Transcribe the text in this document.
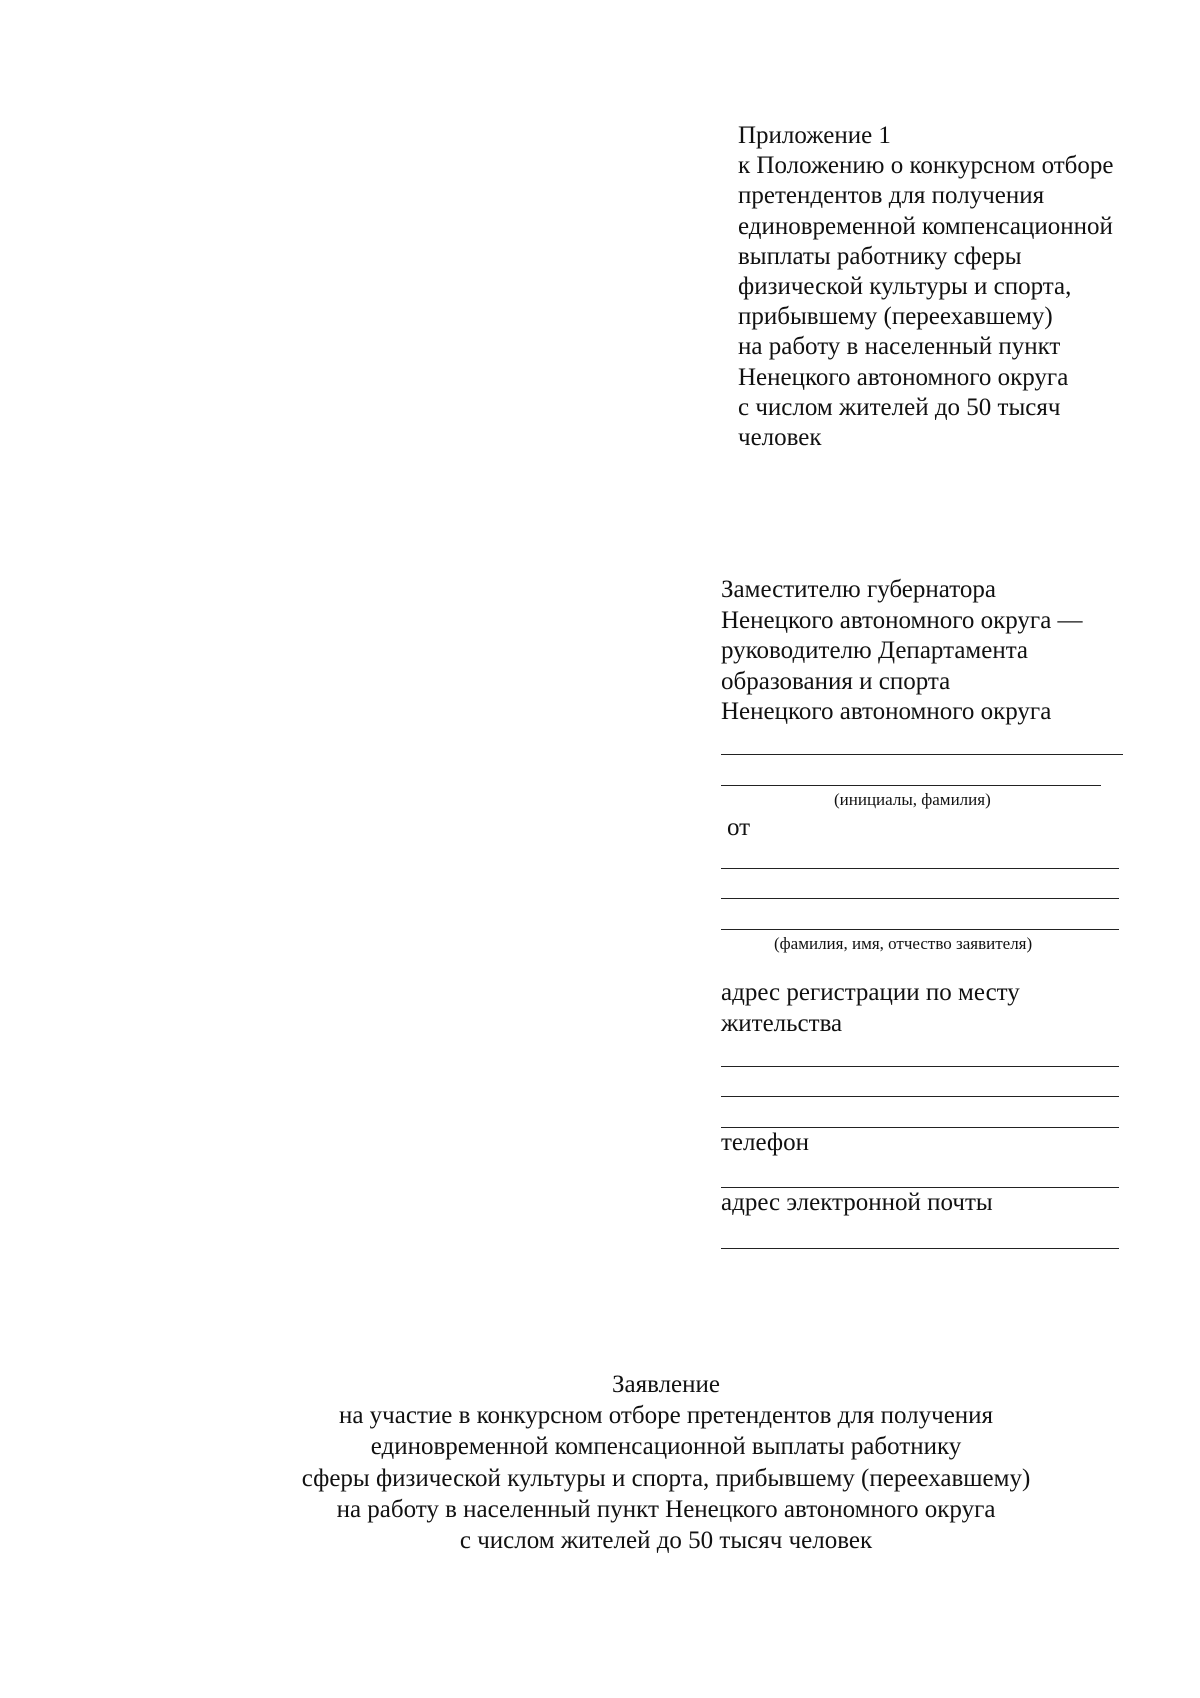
Приложение 1
к Положению о конкурсном отборе
претендентов для получения
единовременной компенсационной
выплаты работнику сферы
физической культуры и спорта,
прибывшему (переехавшему)
на работу в населенный пункт
Ненецкого автономного округа
с числом жителей до 50 тысяч
человек
Заместителю губернатора
Ненецкого автономного округа —
руководителю Департамента
образования и спорта
Ненецкого автономного округа
(инициалы, фамилия)
от
(фамилия, имя, отчество заявителя)
адрес регистрации по месту
жительства
телефон
адрес электронной почты
Заявление
на участие в конкурсном отборе претендентов для получения
единовременной компенсационной выплаты работнику
сферы физической культуры и спорта, прибывшему (переехавшему)
на работу в населенный пункт Ненецкого автономного округа
с числом жителей до 50 тысяч человек
